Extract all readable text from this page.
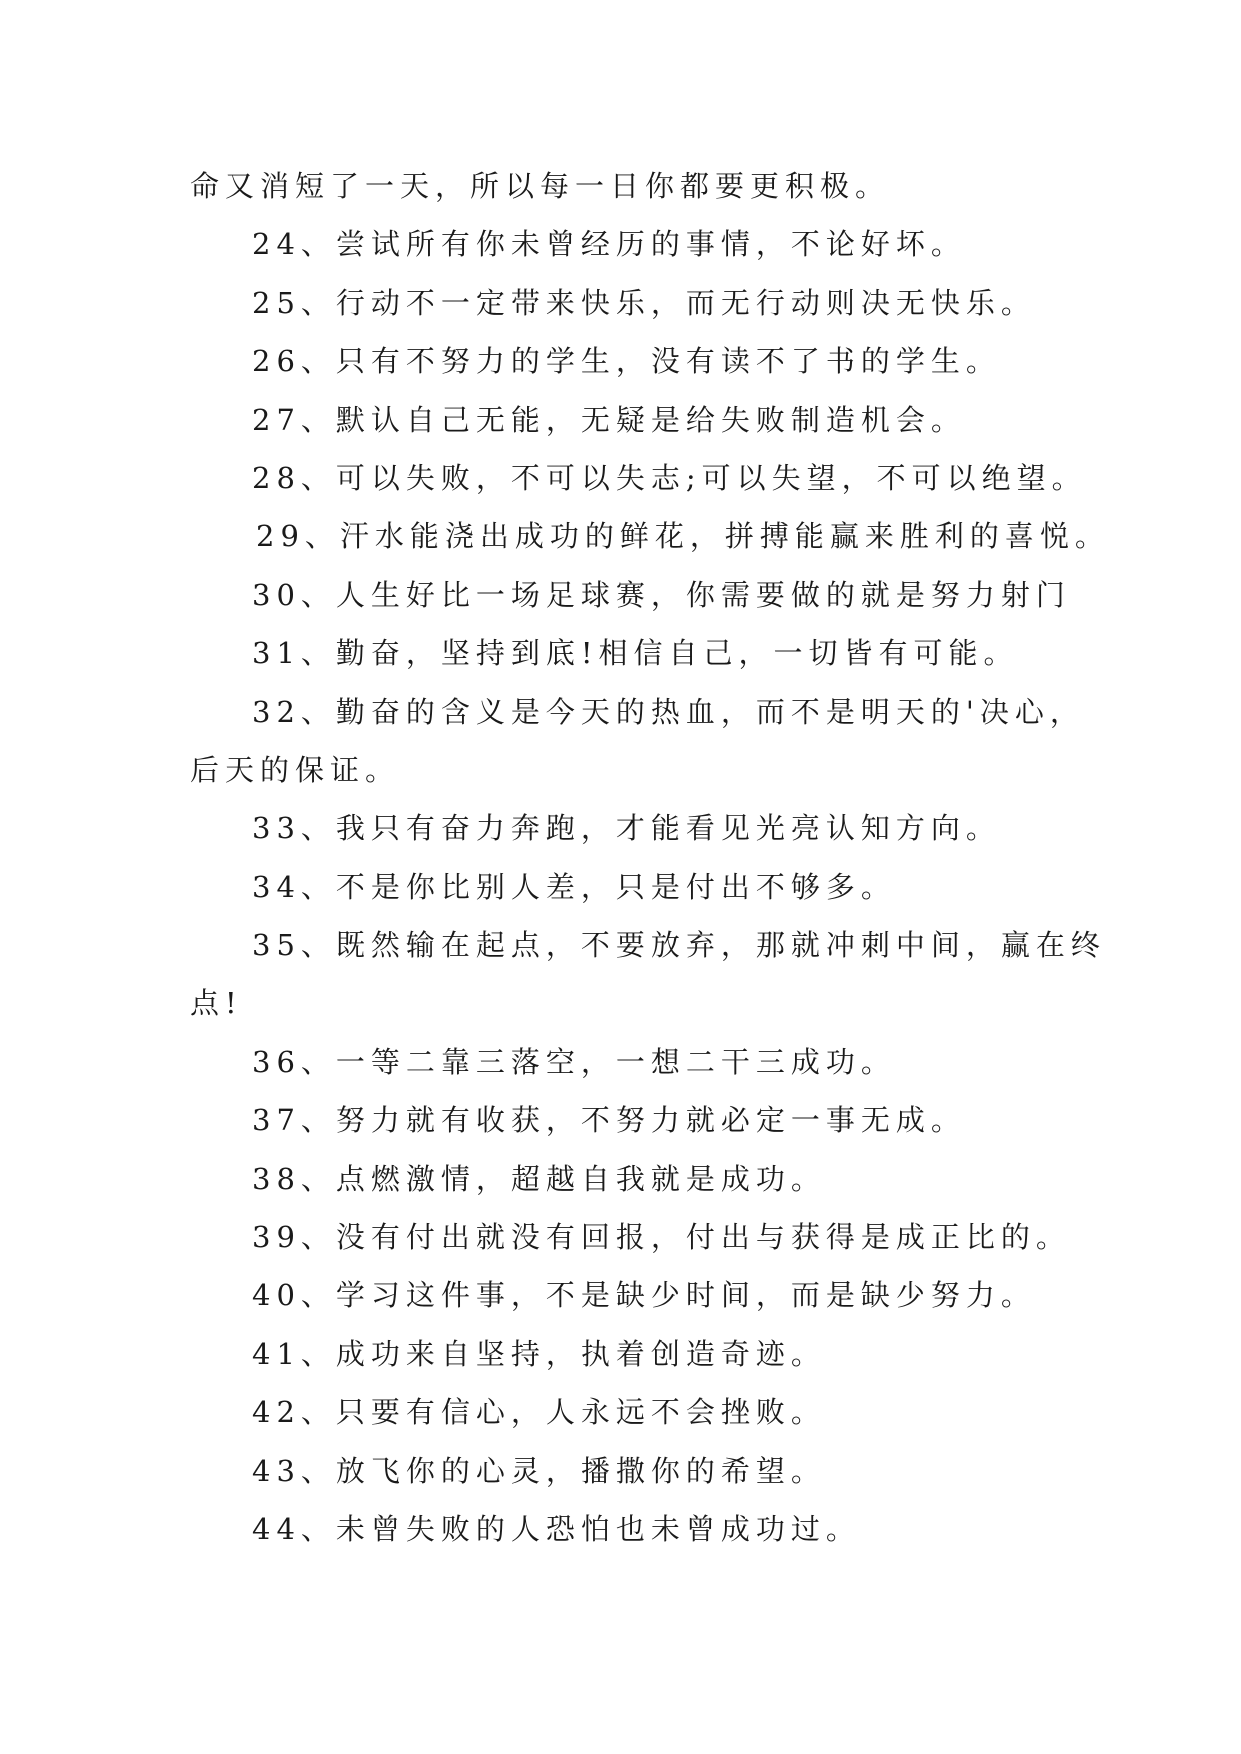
命又消短了一天，所以每一日你都要更积极。
24、尝试所有你未曾经历的事情，不论好坏。
25、行动不一定带来快乐，而无行动则决无快乐。
26、只有不努力的学生，没有读不了书的学生。
27、默认自己无能，无疑是给失败制造机会。
28、可以失败，不可以失志;可以失望，不可以绝望。
29、汗水能浇出成功的鲜花，拼搏能赢来胜利的喜悦。
30、人生好比一场足球赛，你需要做的就是努力射门
31、勤奋，坚持到底!相信自己，一切皆有可能。
32、勤奋的含义是今天的热血，而不是明天的'决心，
后天的保证。
33、我只有奋力奔跑，才能看见光亮认知方向。
34、不是你比别人差，只是付出不够多。
35、既然输在起点，不要放弃，那就冲刺中间，赢在终
点!
36、一等二靠三落空，一想二干三成功。
37、努力就有收获，不努力就必定一事无成。
38、点燃激情，超越自我就是成功。
39、没有付出就没有回报，付出与获得是成正比的。
40、学习这件事，不是缺少时间，而是缺少努力。
41、成功来自坚持，执着创造奇迹。
42、只要有信心，人永远不会挫败。
43、放飞你的心灵，播撒你的希望。
44、未曾失败的人恐怕也未曾成功过。
